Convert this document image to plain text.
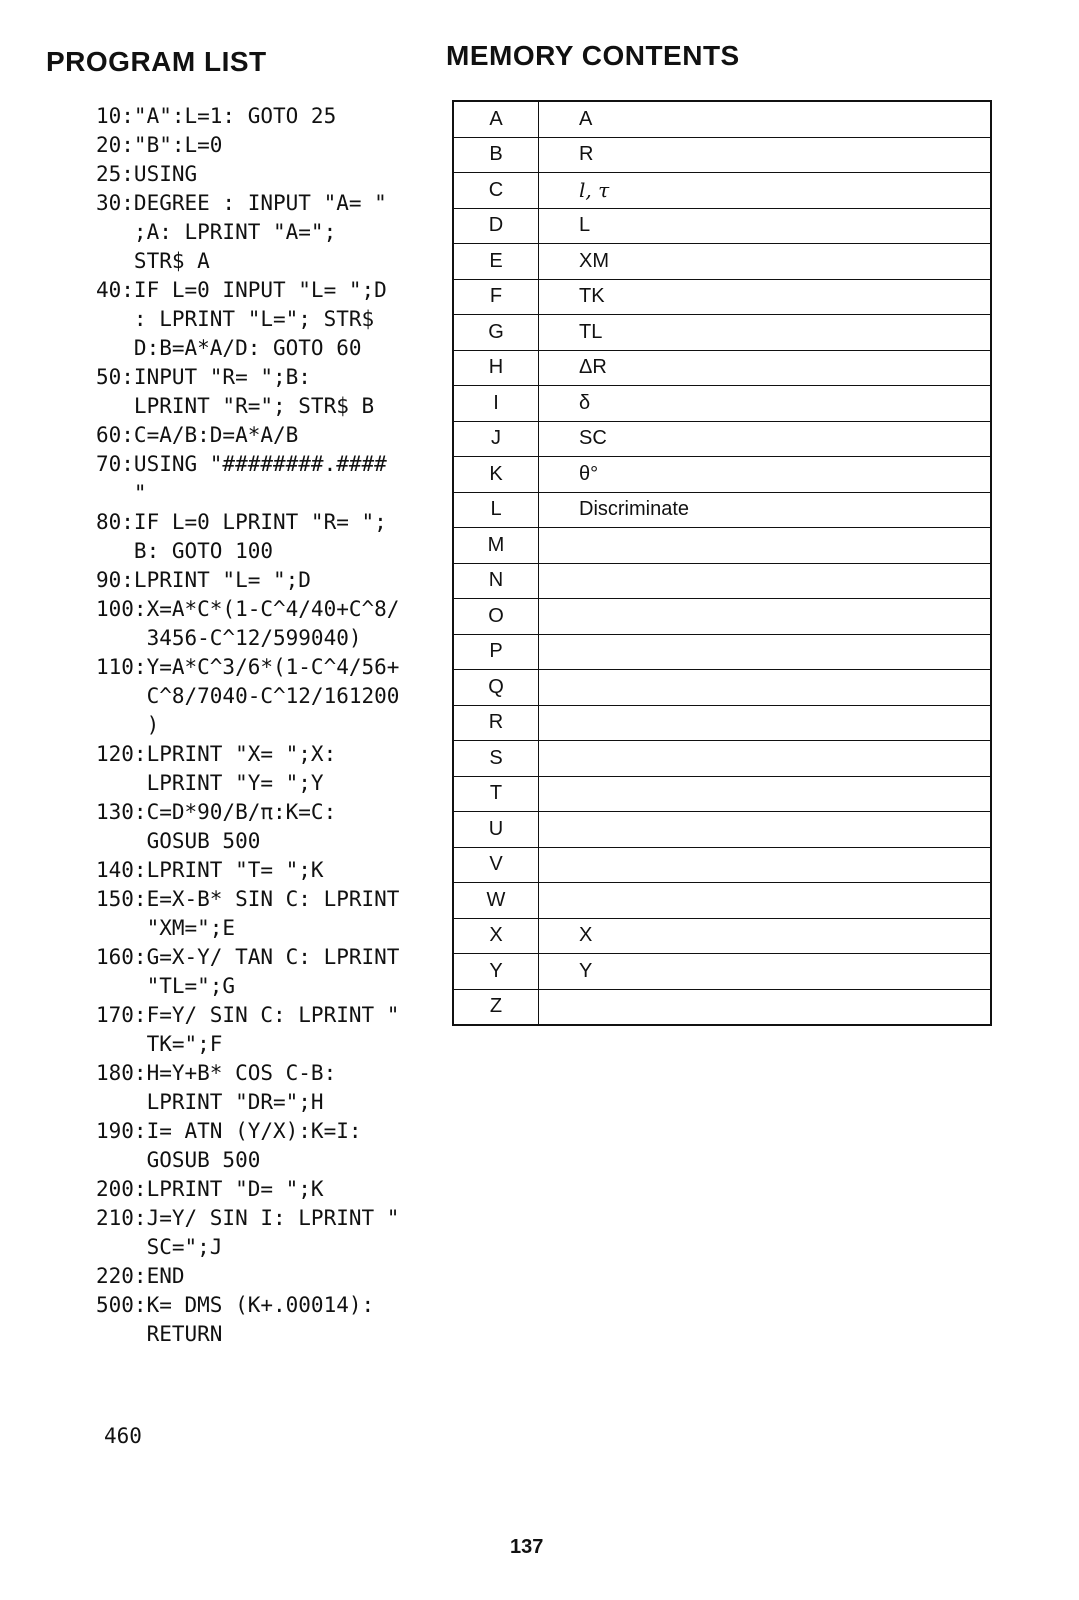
PROGRAM LIST	MEMORY CONTENTS

10:"A":L=1: GOTO 25

20:"B":L=0

25:USING

30:DEGREE : INPUT "A= "

;A: LPRINT "A=";

STR$ A

40:IF L=0 INPUT "L= ";D

: LPRINT "L="; STR$

D:B=A*A/D: GOTO 60

50:INPUT "R= ";B:

LPRINT "R="; STR$ B

60:C=A/B:D=A*A/B

70:USING "########.####

"

80:IF L=0 LPRINT "R= ";

B: GOTO 100

90:LPRINT "L= ";D

100:X=A*C*(1-C^4/40+C^8/

3456-C^12/599040)

110:Y=A*C^3/6*(1-C^4/56+

C^8/7040-C^12/161200

)

120:LPRINT "X= ";X:

LPRINT "Y= ";Y

130:C=D*90/B/π:K=C:

GOSUB 500

140:LPRINT "T= ";K

150:E=X-B* SIN C: LPRINT

"XM=";E

160:G=X-Y/ TAN C: LPRINT

"TL=";G

170:F=Y/ SIN C: LPRINT "

TK=";F

180:H=Y+B* COS C-B:

LPRINT "DR=";H

190:I= ATN (Y/X):K=I:

GOSUB 500

200:LPRINT "D= ";K

210:J=Y/ SIN I: LPRINT "

SC=";J

220:END

500:K= DMS (K+.00014):

RETURN

A	A
B	R
C	l, τ
D	L
E	XM
F	TK
G	TL
H	ΔR
I	δ
J	SC
K	θ°
L	Discriminate
M	
N	
O	
P	
Q	
R	
S	
T	
U	
V	
W	
X	X
Y	Y
Z	

460

137
